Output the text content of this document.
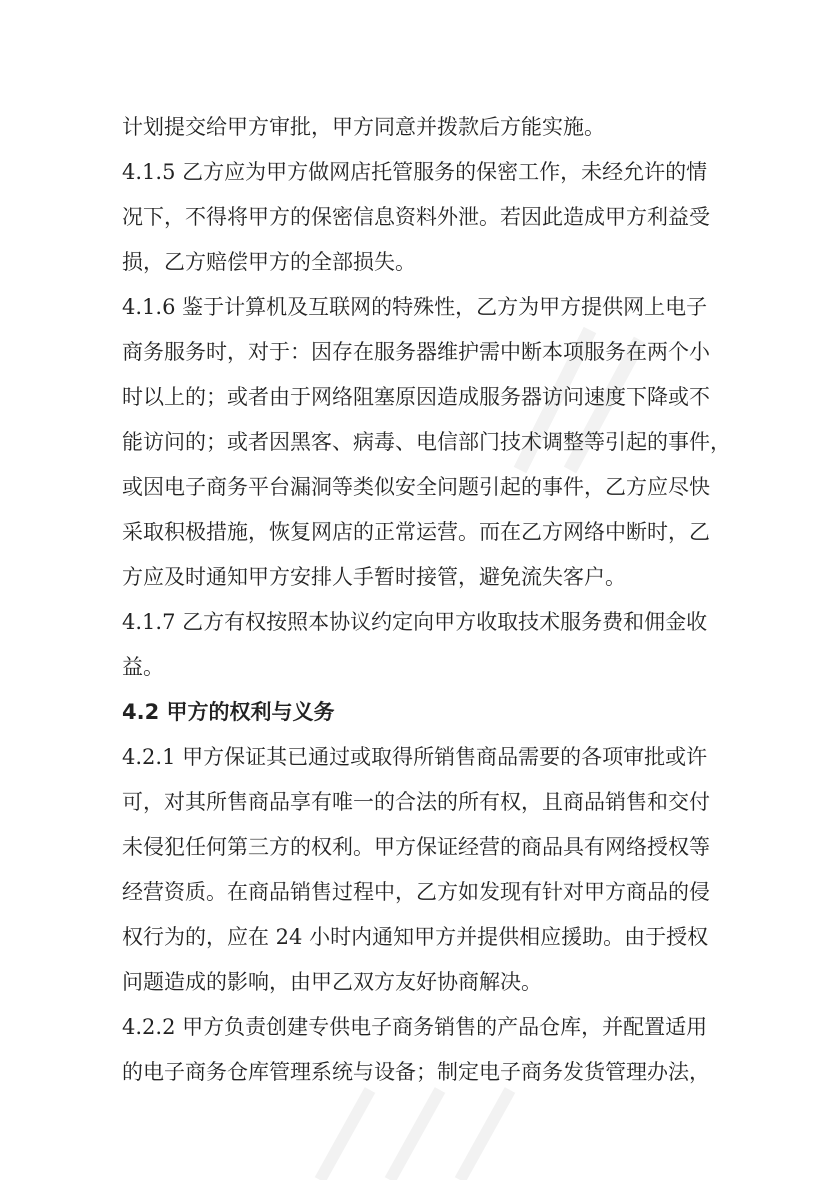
计划提交给甲方审批，甲方同意并拨款后方能实施。
4.1.5 乙方应为甲方做网店托管服务的保密工作，未经允许的情
况下，不得将甲方的保密信息资料外泄。若因此造成甲方利益受
损，乙方赔偿甲方的全部损失。
4.1.6 鉴于计算机及互联网的特殊性，乙方为甲方提供网上电子
商务服务时，对于：因存在服务器维护需中断本项服务在两个小
时以上的；或者由于网络阻塞原因造成服务器访问速度下降或不
能访问的；或者因黑客、病毒、电信部门技术调整等引起的事件，
或因电子商务平台漏洞等类似安全问题引起的事件，乙方应尽快
采取积极措施，恢复网店的正常运营。而在乙方网络中断时，乙
方应及时通知甲方安排人手暂时接管，避免流失客户。
4.1.7 乙方有权按照本协议约定向甲方收取技术服务费和佣金收
益。
4.2 甲方的权利与义务
4.2.1 甲方保证其已通过或取得所销售商品需要的各项审批或许
可，对其所售商品享有唯一的合法的所有权，且商品销售和交付
未侵犯任何第三方的权利。甲方保证经营的商品具有网络授权等
经营资质。在商品销售过程中，乙方如发现有针对甲方商品的侵
权行为的，应在 24 小时内通知甲方并提供相应援助。由于授权
问题造成的影响，由甲乙双方友好协商解决。
4.2.2 甲方负责创建专供电子商务销售的产品仓库，并配置适用
的电子商务仓库管理系统与设备；制定电子商务发货管理办法，
